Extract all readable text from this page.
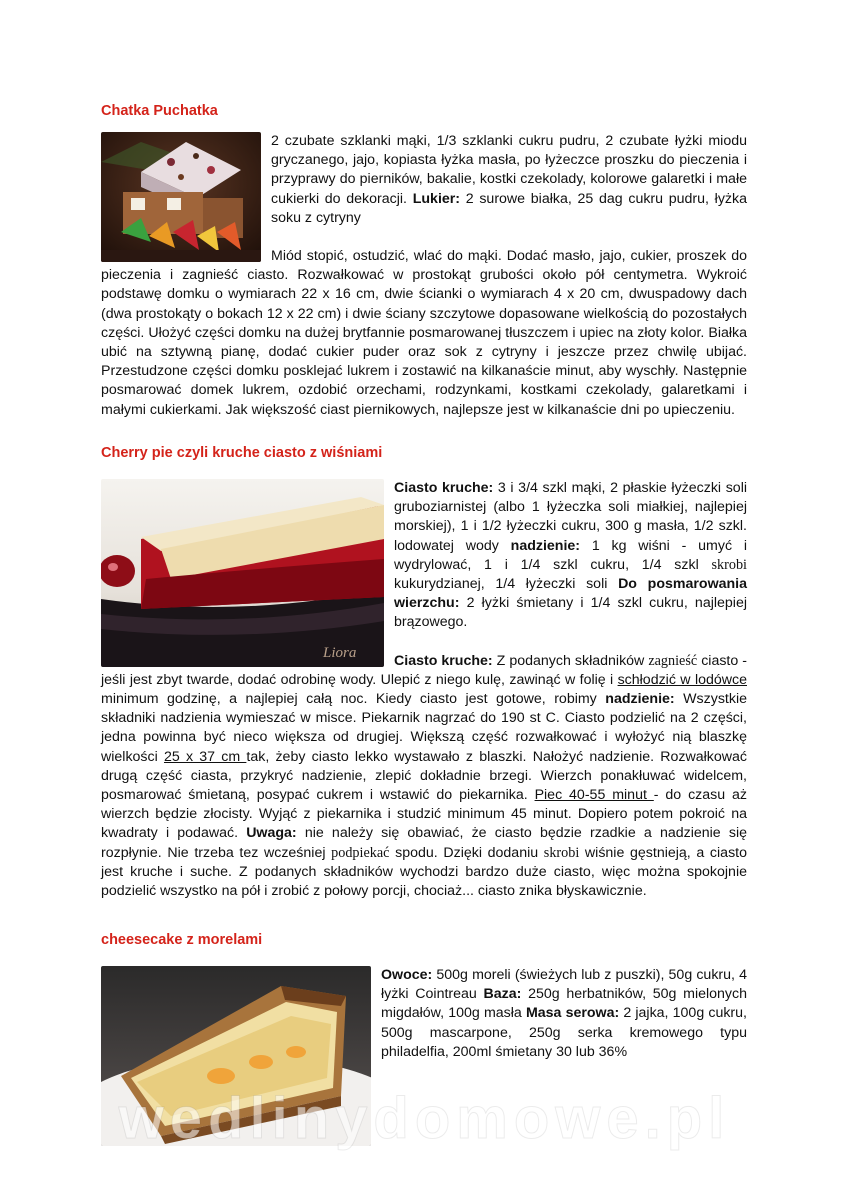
Chatka Puchatka

2 czubate szklanki mąki, 1/3 szklanki cukru pudru, 2 czubate łyżki miodu gryczanego, jajo, kopiasta łyżka masła, po łyżeczce proszku do pieczenia i przyprawy do pierników, bakalie, kostki czekolady, kolorowe galaretki i małe cukierki do dekoracji. Lukier: 2 surowe białka, 25 dag cukru pudru, łyżka soku z cytryny

Miód stopić, ostudzić, wlać do mąki. Dodać masło, jajo, cukier, proszek do pieczenia i zagnieść ciasto. Rozwałkować w prostokąt grubości około pół centymetra. Wykroić podstawę domku o wymiarach 22 x 16 cm, dwie ścianki o wymiarach 4 x 20 cm, dwuspadowy dach (dwa prostokąty o bokach 12 x 22 cm) i dwie ściany szczytowe dopasowane wielkością do pozostałych części. Ułożyć części domku na dużej brytfannie posmarowanej tłuszczem i upiec na złoty kolor. Białka ubić na sztywną pianę, dodać cukier puder oraz sok z cytryny i jeszcze przez chwilę ubijać. Przestudzone części domku posklejać lukrem i zostawić na kilkanaście minut, aby wyschły. Następnie posmarować domek lukrem, ozdobić orzechami, rodzynkami, kostkami czekolady, galaretkami i małymi cukierkami. Jak większość ciast piernikowych, najlepsze jest w kilkanaście dni po upieczeniu.

Cherry pie czyli kruche ciasto z wiśniami
Liora

Ciasto kruche: 3 i 3/4 szkl mąki, 2 płaskie łyżeczki soli gruboziarnistej (albo 1 łyżeczka soli miałkiej, najlepiej morskiej), 1 i 1/2 łyżeczki cukru, 300 g masła, 1/2 szkl. lodowatej wody nadzienie: 1 kg wiśni - umyć i wydrylować, 1 i 1/4 szkl cukru, 1/4 szkl skrobi kukurydzianej, 1/4 łyżeczki soli Do posmarowania wierzchu: 2 łyżki śmietany i 1/4 szkl cukru, najlepiej brązowego.

Ciasto kruche: Z podanych składników zagnieść ciasto - jeśli jest zbyt twarde, dodać odrobinę wody. Ulepić z niego kulę, zawinąć w folię i schłodzić w lodówce minimum godzinę, a najlepiej całą noc. Kiedy ciasto jest gotowe, robimy nadzienie: Wszystkie składniki nadzienia wymieszać w misce. Piekarnik nagrzać do 190 st C. Ciasto podzielić na 2 części, jedna powinna być nieco większa od drugiej. Większą część rozwałkować i wyłożyć nią blaszkę wielkości 25 x 37 cm tak, żeby ciasto lekko wystawało z blaszki. Nałożyć nadzienie. Rozwałkować drugą część ciasta, przykryć nadzienie, zlepić dokładnie brzegi. Wierzch ponakłuwać widelcem, posmarować śmietaną, posypać cukrem i wstawić do piekarnika. Piec 40-55 minut - do czasu aż wierzch będzie złocisty. Wyjąć z piekarnika i studzić minimum 45 minut. Dopiero potem pokroić na kwadraty i podawać. Uwaga: nie należy się obawiać, że ciasto będzie rzadkie a nadzienie się rozpłynie. Nie trzeba tez wcześniej podpiekać spodu. Dzięki dodaniu skrobi wiśnie gęstnieją, a ciasto jest kruche i suche. Z podanych składników wychodzi bardzo duże ciasto, więc można spokojnie podzielić wszystko na pół i zrobić z połowy porcji, chociaż... ciasto znika błyskawicznie.

cheesecake z morelami

Owoce: 500g moreli (świeżych lub z puszki), 50g cukru, 4 łyżki Cointreau Baza: 250g herbatników, 50g mielonych migdałów, 100g masła Masa serowa: 2 jajka, 100g cukru, 500g mascarpone, 250g serka kremowego typu philadelfia, 200ml śmietany 30 lub 36%

wedlinydomowe.pl
